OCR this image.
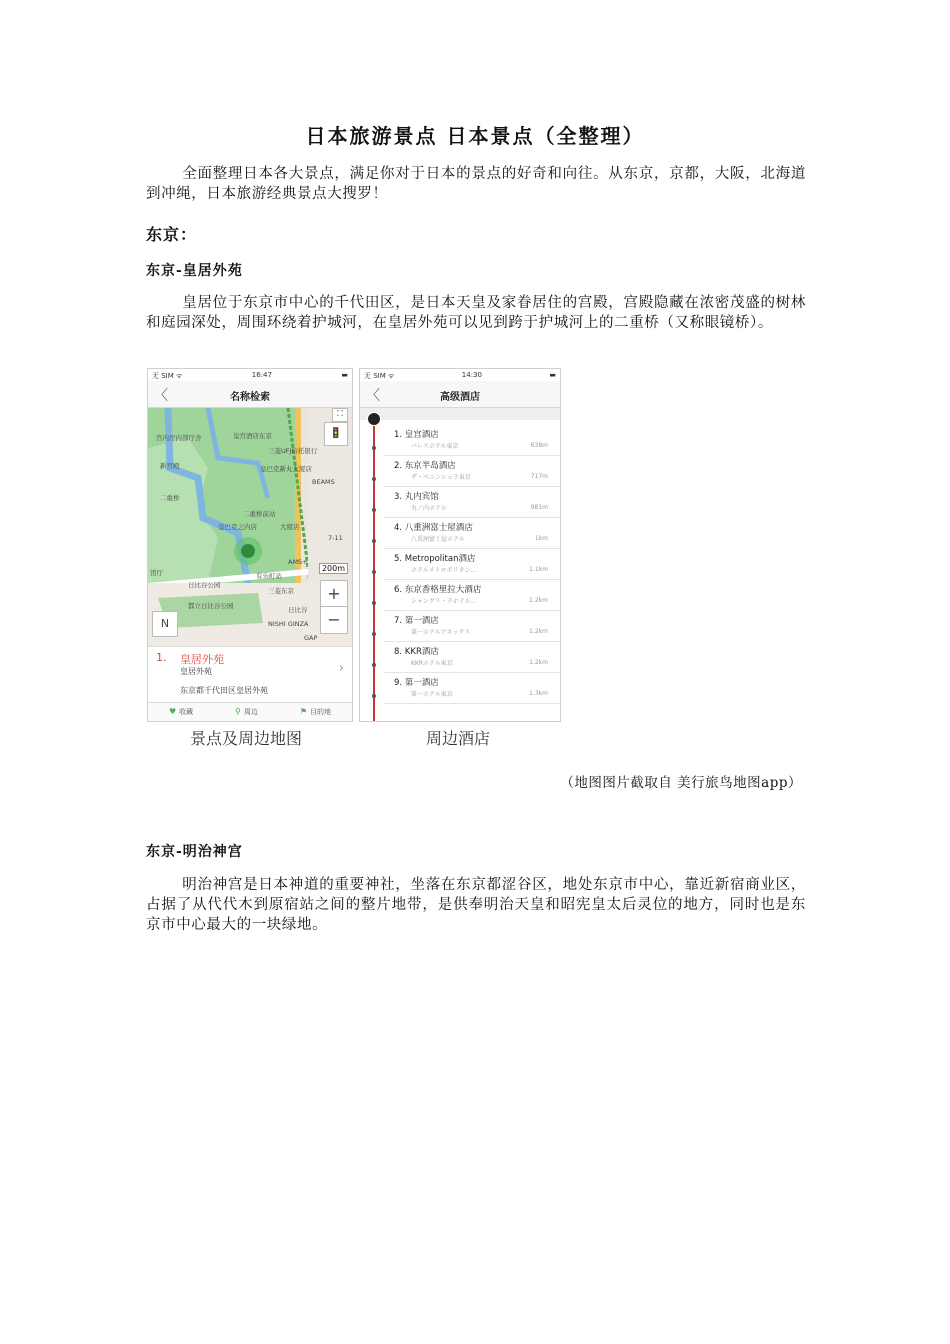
日本旅游景点 日本景点（全整理）
全面整理日本各大景点，满足你对于日本的景点的好奇和向往。从东京，京都，大阪，北海道到冲绳，日本旅游经典景点大搜罗！
东京：
东京-皇居外苑
皇居位于东京市中心的千代田区，是日本天皇及家眷居住的宫殿，宫殿隐藏在浓密茂盛的树林和庭园深处，周围环绕着护城河，在皇居外苑可以见到跨于护城河上的二重桥（又称眼镜桥）。
无 SIM ᯤ	16:47	▬
〈	名称检索
宫内厅内部厅舍	皇宫酒店东京
三菱UFJ信托银行
新宫殿	皇巴克新丸大厦店
BEAMS
二重桥
二重桥前站
皇巴克之内店	大厦店
7-11
AMS+
有乐町站
三菱东京
都立日比谷公园	日比谷
NISHI GINZA
GAP
日比谷公园
馆厅
⛶
🚦
N
200m
+
−
1. 皇居外苑
皇居外苑
东京都千代田区皇居外苑
›
♥ 收藏	⚲ 周边	⚑ 目的地
无 SIM ᯤ	14:30	▬
〈	高级酒店
1. 皇宫酒店
パレスホテル東京	638m
2. 东京半岛酒店
ザ・ペニンシュラ東京	717m
3. 丸内宾馆
丸ノ内ホテル	981m
4. 八重洲富士屋酒店
八重洲富士屋ホテル	1km
5. Metropolitan酒店
ホテルメトロポリタン...	1.1km
6. 东京香格里拉大酒店
シャングリ・ラホテル...	1.2km
7. 第一酒店
第一ホテルアネックス	1.2km
8. KKR酒店
KKRホテル東京	1.2km
9. 第一酒店
第一ホテル東京	1.3km
景点及周边地图	周边酒店
（地图图片截取自 美行旅鸟地图app）
东京-明治神宫
明治神宫是日本神道的重要神社，坐落在东京都涩谷区，地处东京市中心，靠近新宿商业区，占据了从代代木到原宿站之间的整片地带，是供奉明治天皇和昭宪皇太后灵位的地方，同时也是东京市中心最大的一块绿地。
